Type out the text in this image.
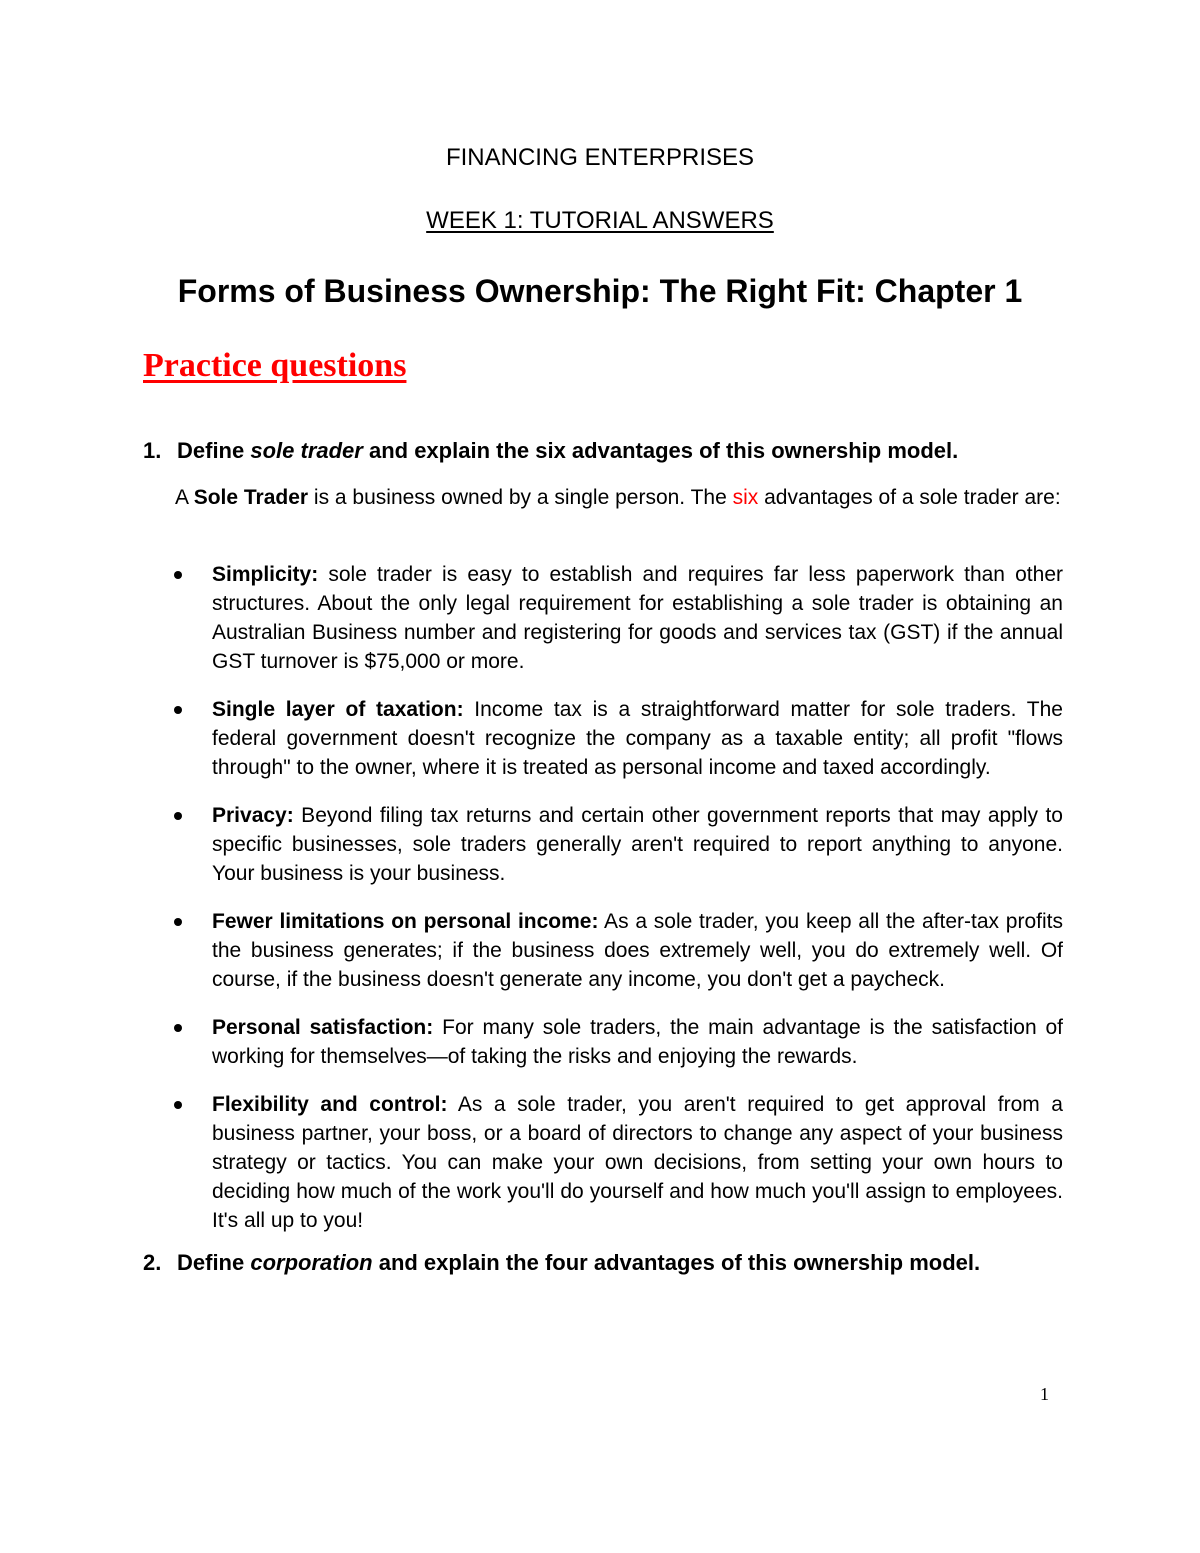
FINANCING ENTERPRISES
WEEK 1: TUTORIAL ANSWERS
Forms of Business Ownership: The Right Fit: Chapter 1
Practice questions
1. Define sole trader and explain the six advantages of this ownership model.
A Sole Trader is a business owned by a single person. The six advantages of a sole trader are:
Simplicity: sole trader is easy to establish and requires far less paperwork than other structures. About the only legal requirement for establishing a sole trader is obtaining an Australian Business number and registering for goods and services tax (GST) if the annual GST turnover is $75,000 or more.
Single layer of taxation: Income tax is a straightforward matter for sole traders. The federal government doesn't recognize the company as a taxable entity; all profit "flows through" to the owner, where it is treated as personal income and taxed accordingly.
Privacy: Beyond filing tax returns and certain other government reports that may apply to specific businesses, sole traders generally aren't required to report anything to anyone. Your business is your business.
Fewer limitations on personal income: As a sole trader, you keep all the after-tax profits the business generates; if the business does extremely well, you do extremely well. Of course, if the business doesn't generate any income, you don't get a paycheck.
Personal satisfaction: For many sole traders, the main advantage is the satisfaction of working for themselves—of taking the risks and enjoying the rewards.
Flexibility and control: As a sole trader, you aren't required to get approval from a business partner, your boss, or a board of directors to change any aspect of your business strategy or tactics. You can make your own decisions, from setting your own hours to deciding how much of the work you'll do yourself and how much you'll assign to employees. It's all up to you!
2. Define corporation and explain the four advantages of this ownership model.
1
